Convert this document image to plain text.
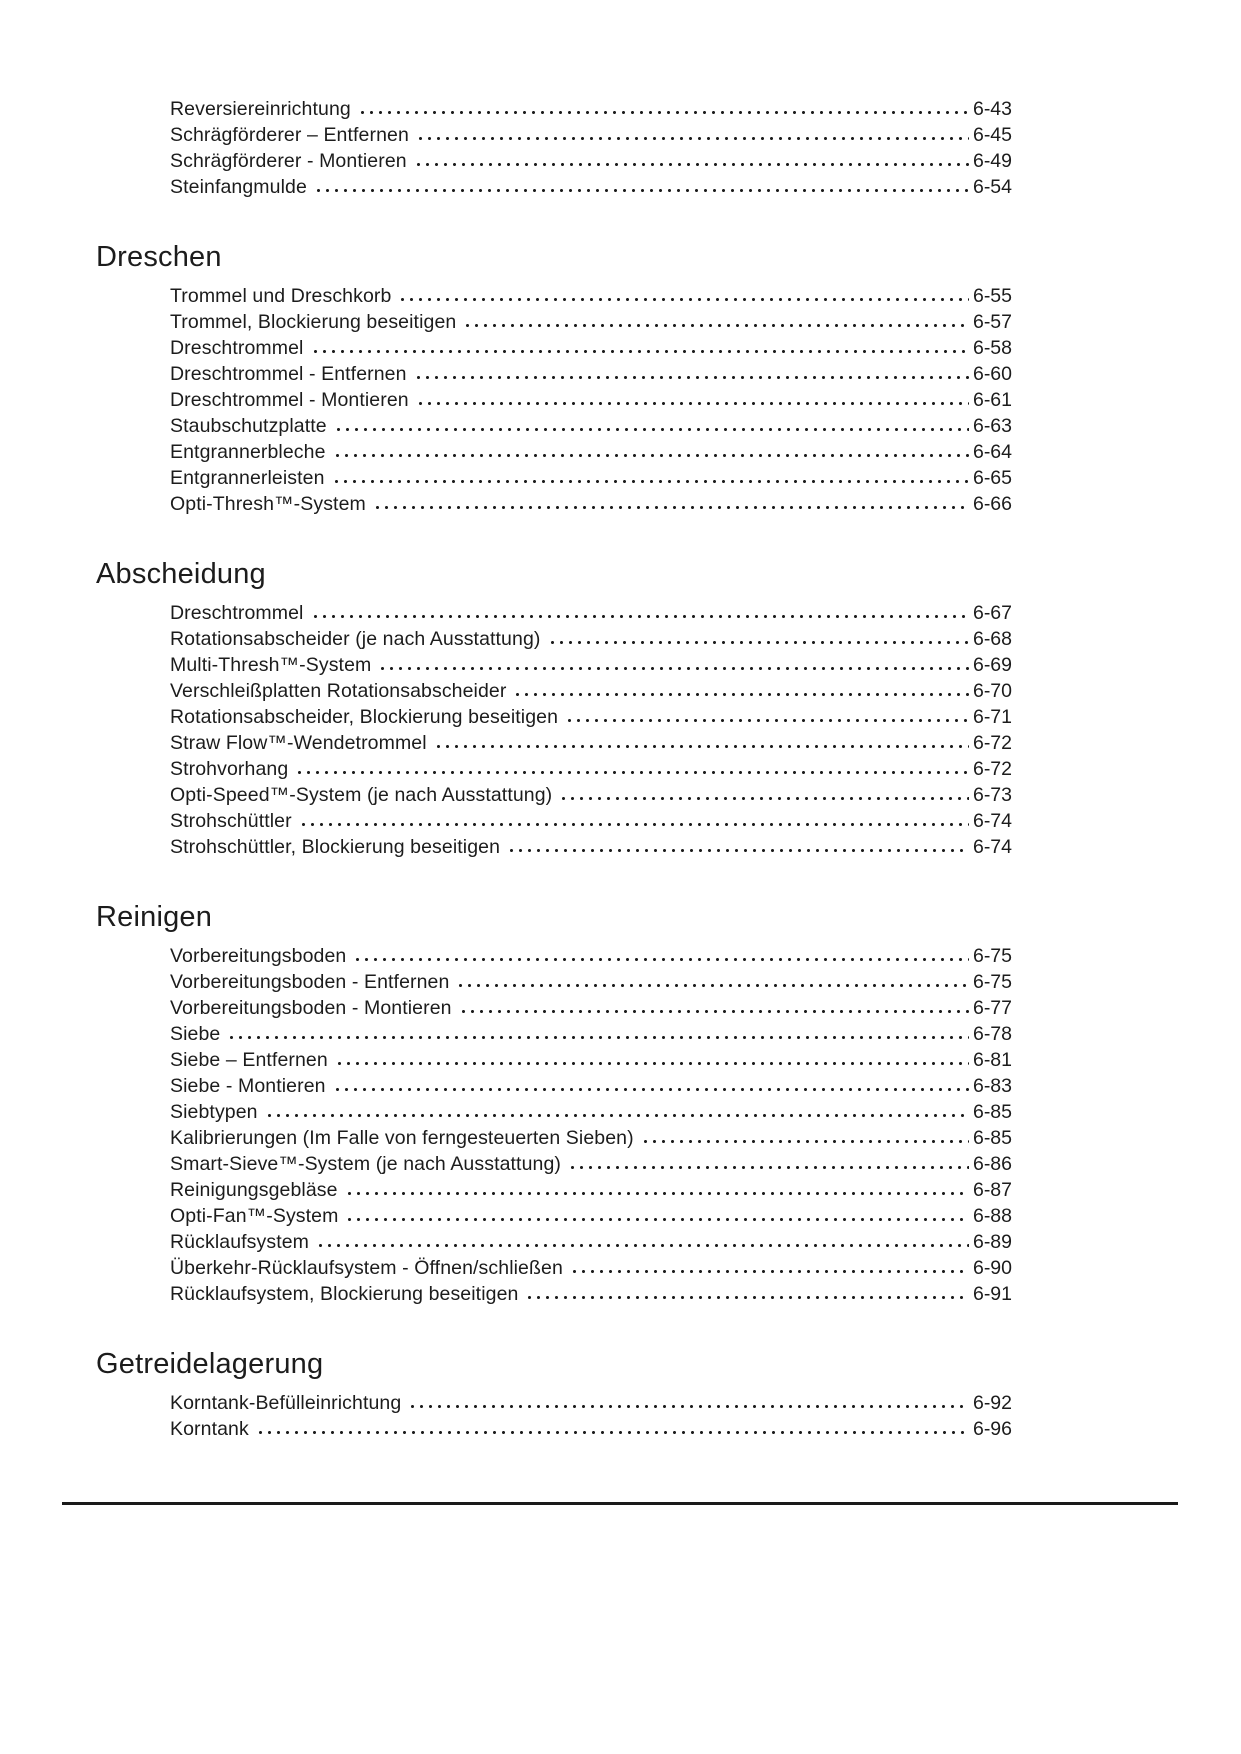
Reversiereinrichtung	6-43
Schrägförderer – Entfernen	6-45
Schrägförderer - Montieren	6-49
Steinfangmulde	6-54
Dreschen
Trommel und Dreschkorb	6-55
Trommel, Blockierung beseitigen	6-57
Dreschtrommel	6-58
Dreschtrommel - Entfernen	6-60
Dreschtrommel - Montieren	6-61
Staubschutzplatte	6-63
Entgrannerbleche	6-64
Entgrannerleisten	6-65
Opti-Thresh™-System	6-66
Abscheidung
Dreschtrommel	6-67
Rotationsabscheider (je nach Ausstattung)	6-68
Multi-Thresh™-System	6-69
Verschleißplatten Rotationsabscheider	6-70
Rotationsabscheider, Blockierung beseitigen	6-71
Straw Flow™-Wendetrommel	6-72
Strohvorhang	6-72
Opti-Speed™-System (je nach Ausstattung)	6-73
Strohschüttler	6-74
Strohschüttler, Blockierung beseitigen	6-74
Reinigen
Vorbereitungsboden	6-75
Vorbereitungsboden - Entfernen	6-75
Vorbereitungsboden - Montieren	6-77
Siebe	6-78
Siebe – Entfernen	6-81
Siebe - Montieren	6-83
Siebtypen	6-85
Kalibrierungen (Im Falle von ferngesteuerten Sieben)	6-85
Smart-Sieve™-System (je nach Ausstattung)	6-86
Reinigungsgebläse	6-87
Opti-Fan™-System	6-88
Rücklaufsystem	6-89
Überkehr-Rücklaufsystem - Öffnen/schließen	6-90
Rücklaufsystem, Blockierung beseitigen	6-91
Getreidelagerung
Korntank-Befülleinrichtung	6-92
Korntank	6-96
